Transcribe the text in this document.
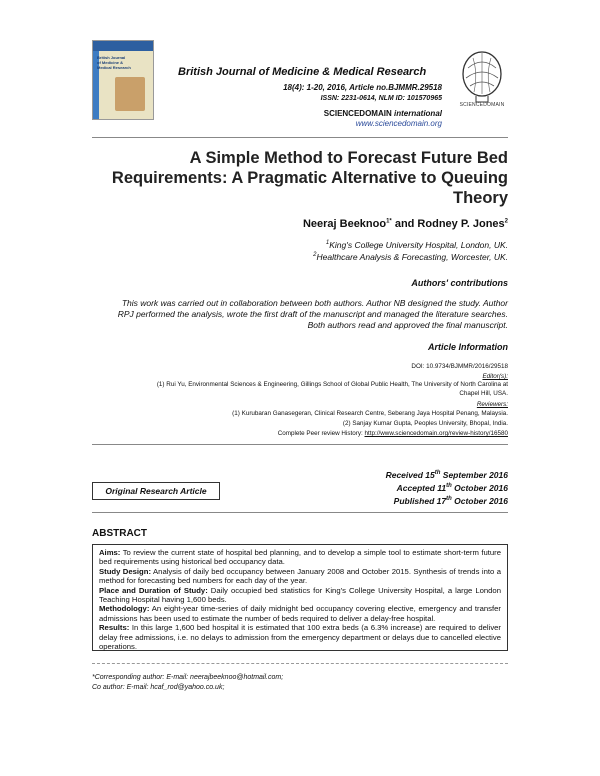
British Journal
of Medicine &
Medical Research	British Journal of Medicine & Medical Research
18(4): 1-20, 2016, Article no.BJMMR.29518
ISSN: 2231-0614, NLM ID: 101570965
SCIENCEDOMAIN international
www.sciencedomain.org
SCIENCEDOMAIN
A Simple Method to Forecast Future Bed Requirements: A Pragmatic Alternative to Queuing Theory
Neeraj Beeknoo$^{1*}$ and Rodney P. Jones$^2$
$^1$King's College University Hospital, London, UK.
$^2$Healthcare Analysis & Forecasting, Worcester, UK.
Authors' contributions
This work was carried out in collaboration between both authors. Author NB designed the study. Author RPJ performed the analysis, wrote the first draft of the manuscript and managed the literature searches. Both authors read and approved the final manuscript.
Article Information
DOI: 10.9734/BJMMR/2016/29518
Editor(s):
(1) Rui Yu, Environmental Sciences & Engineering, Gillings School of Global Public Health, The University of North Carolina at
Chapel Hill, USA.
Reviewers:
(1) Kurubaran Ganasegeran, Clinical Research Centre, Seberang Jaya Hospital Penang, Malaysia.
(2) Sanjay Kumar Gupta, Peoples University, Bhopal, India.
Complete Peer review History: http://www.sciencedomain.org/review-history/16580
Received 15th September 2016
Accepted 11th October 2016
Published 17th October 2016
Original Research Article
ABSTRACT

Aims: To review the current state of hospital bed planning, and to develop a simple tool to estimate short-term future bed requirements using historical bed occupancy data.

Study Design: Analysis of daily bed occupancy between January 2008 and October 2015. Synthesis of trends into a method for forecasting bed numbers for each day of the year.

Place and Duration of Study: Daily occupied bed statistics for King's College University Hospital, a large London Teaching Hospital having 1,600 beds.

Methodology: An eight-year time-series of daily midnight bed occupancy covering elective, emergency and transfer admissions has been used to estimate the number of beds required to deliver a delay-free hospital.

Results: In this large 1,600 bed hospital it is estimated that 100 extra beds (a 6.3% increase) are required to deliver delay free admissions, i.e. no delays to admission from the emergency department or delays due to cancelled elective operations.

*Corresponding author: E-mail: neerajbeeknoo@hotmail.com;
Co author: E-mail: hcaf_rod@yahoo.co.uk;
